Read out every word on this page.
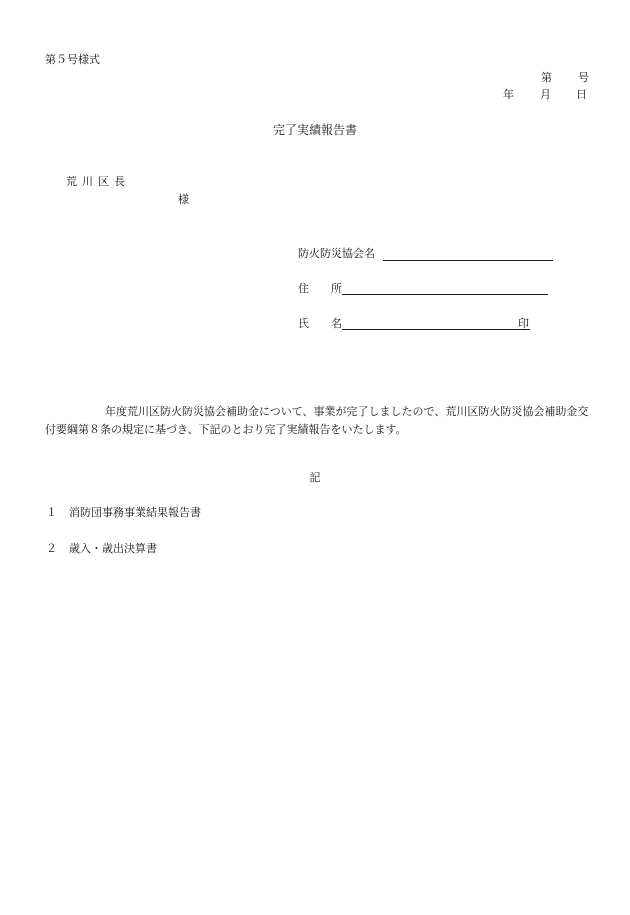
第５号様式
第 号
年 月 日
完了実績報告書
荒川区長
様
防火防災協会名
住　　所
氏　　名	印
年度荒川区防火防災協会補助金について、事業が完了しましたので、荒川区防火防災協会補助金交付要綱第８条の規定に基づき、下記のとおり完了実績報告をいたします。
記
１ 消防団事務事業結果報告書
２ 歳入・歳出決算書
